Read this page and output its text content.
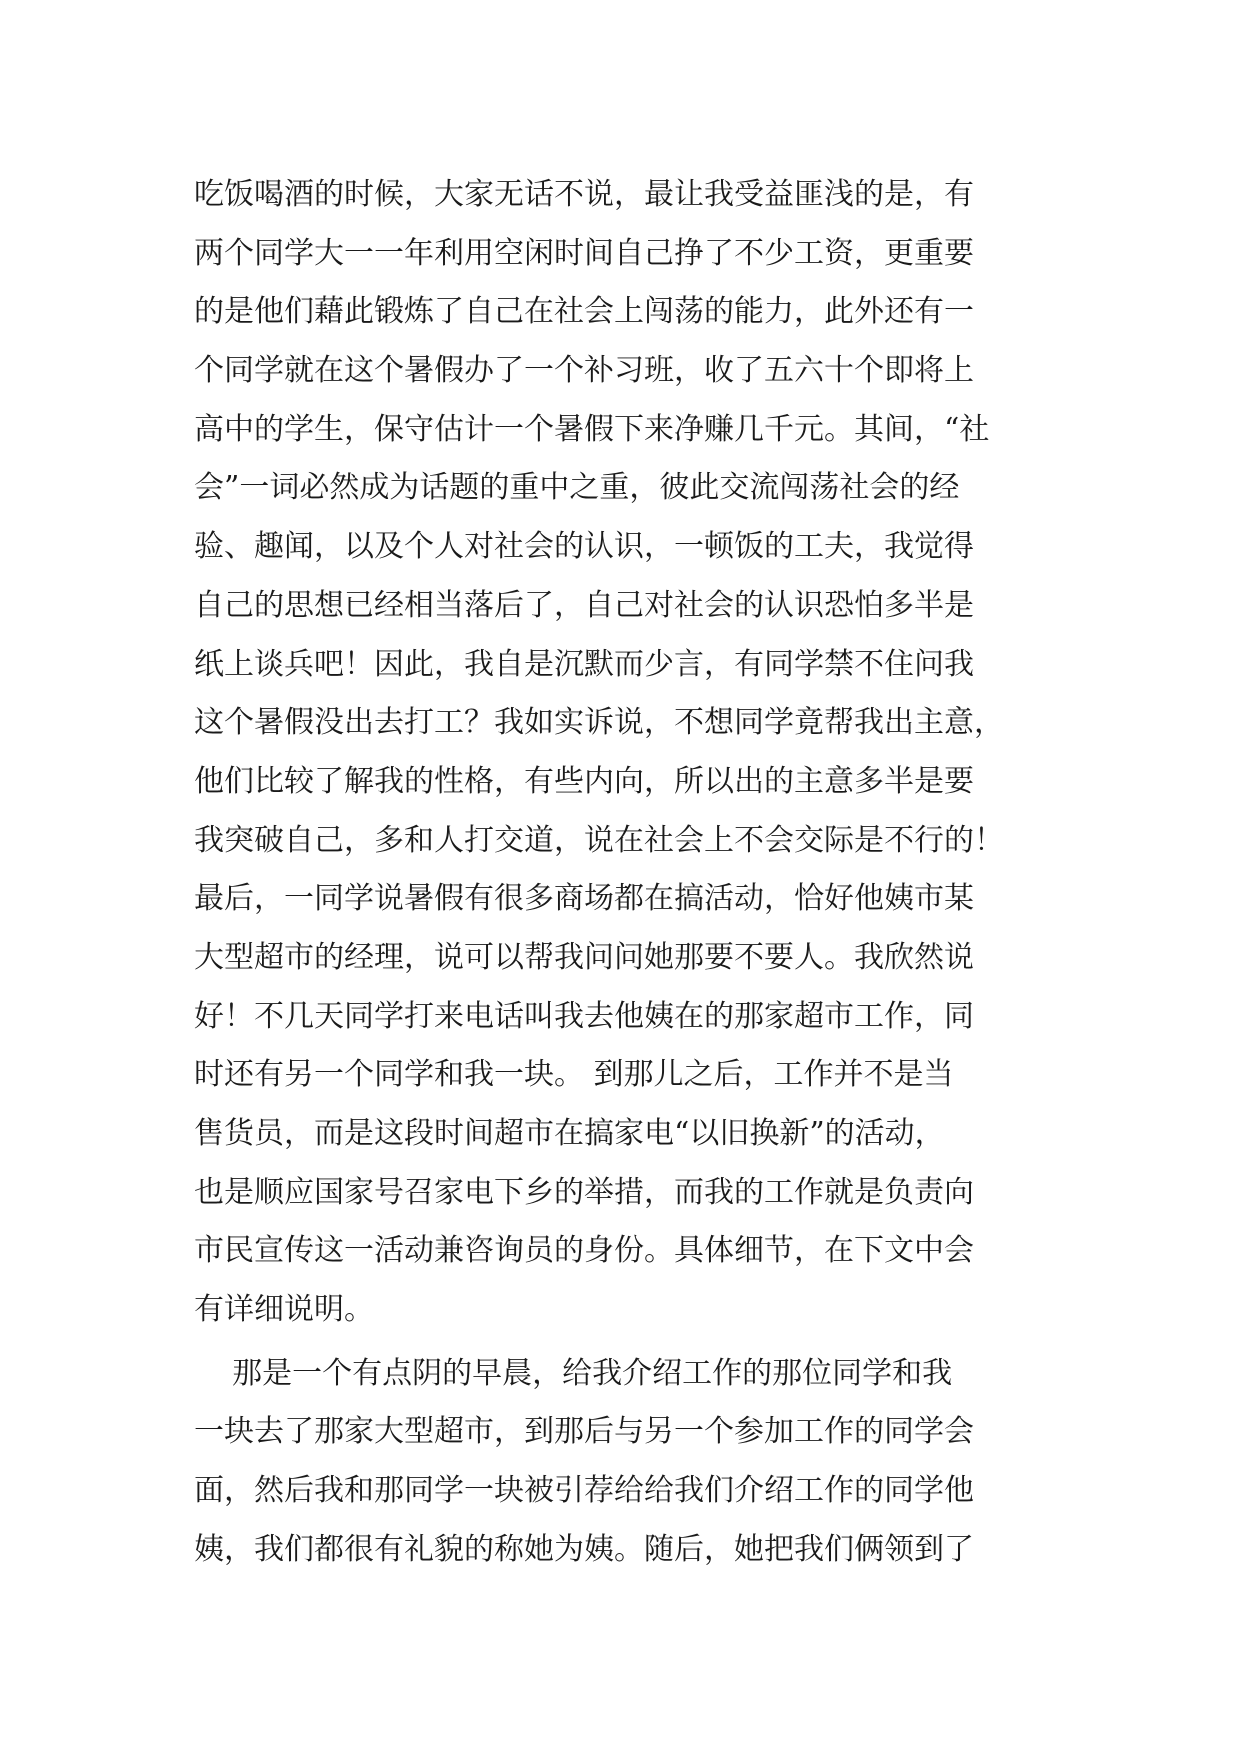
吃饭喝酒的时候，大家无话不说，最让我受益匪浅的是，有
两个同学大一一年利用空闲时间自己挣了不少工资，更重要
的是他们藉此锻炼了自己在社会上闯荡的能力，此外还有一
个同学就在这个暑假办了一个补习班，收了五六十个即将上
高中的学生，保守估计一个暑假下来净赚几千元。其间，“社
会”一词必然成为话题的重中之重，彼此交流闯荡社会的经
验、趣闻，以及个人对社会的认识，一顿饭的工夫，我觉得
自己的思想已经相当落后了，自己对社会的认识恐怕多半是
纸上谈兵吧！因此，我自是沉默而少言，有同学禁不住问我
这个暑假没出去打工？我如实诉说，不想同学竟帮我出主意，
他们比较了解我的性格，有些内向，所以出的主意多半是要
我突破自己，多和人打交道，说在社会上不会交际是不行的！
最后，一同学说暑假有很多商场都在搞活动，恰好他姨市某
大型超市的经理，说可以帮我问问她那要不要人。我欣然说
好！不几天同学打来电话叫我去他姨在的那家超市工作，同
时还有另一个同学和我一块。 到那儿之后，工作并不是当
售货员，而是这段时间超市在搞家电“以旧换新”的活动，
也是顺应国家号召家电下乡的举措，而我的工作就是负责向
市民宣传这一活动兼咨询员的身份。具体细节，在下文中会
有详细说明。
那是一个有点阴的早晨，给我介绍工作的那位同学和我
一块去了那家大型超市，到那后与另一个参加工作的同学会
面，然后我和那同学一块被引荐给给我们介绍工作的同学他
姨，我们都很有礼貌的称她为姨。随后，她把我们俩领到了
